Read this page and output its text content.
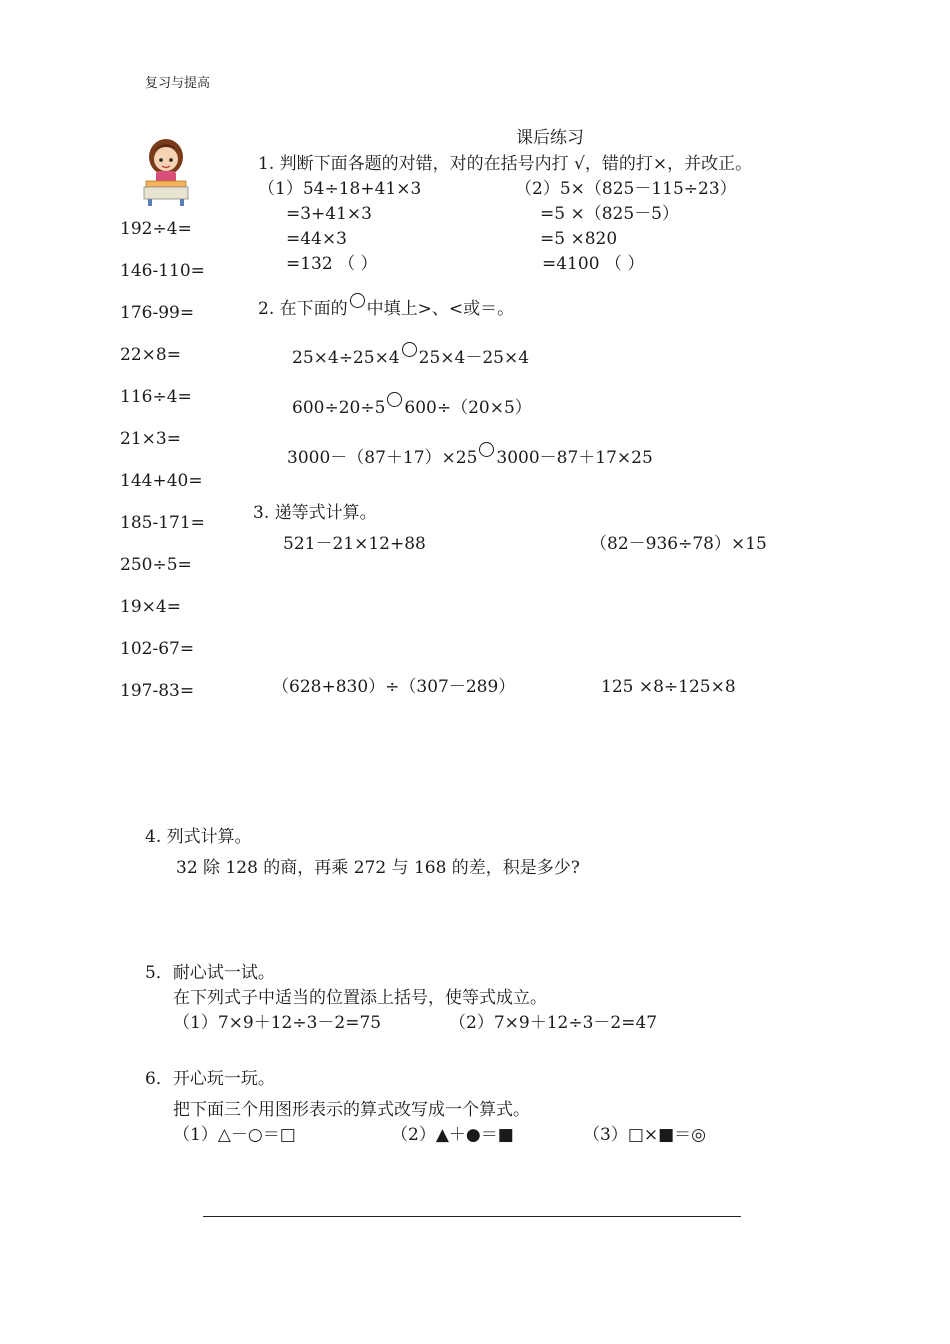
复习与提高
课后练习
192÷4=
146-110=
176-99=
22×8=
116÷4=
21×3=
144+40=
185-171=
250÷5=
19×4=
102-67=
197-83=
1. 判断下面各题的对错，对的在括号内打 √，错的打×，并改正。
（1）54÷18+41×3
=3+41×3
=44×3
=132 （ ）
（2）5×（825－115÷23）
=5 ×（825－5）
=5 ×820
=4100 （ ）
2. 在下面的 中填上>、<或＝。
25×4÷25×4 25×4－25×4
600÷20÷5 600÷（20×5）
3000－（87＋17）×25 3000－87＋17×25
3. 递等式计算。
521－21×12+88	（82－936÷78）×15
（628+830）÷（307－289）	125 ×8÷125×8
4. 列式计算。
32 除 128 的商，再乘 272 与 168 的差，积是多少?
5．耐心试一试。
在下列式子中适当的位置添上括号，使等式成立。
（1）7×9＋12÷3－2=75	（2）7×9＋12÷3－2=47
6．开心玩一玩。
把下面三个用图形表示的算式改写成一个算式。
（1）△－○＝□	（2）▲＋●＝■	（3）□×■＝◎
